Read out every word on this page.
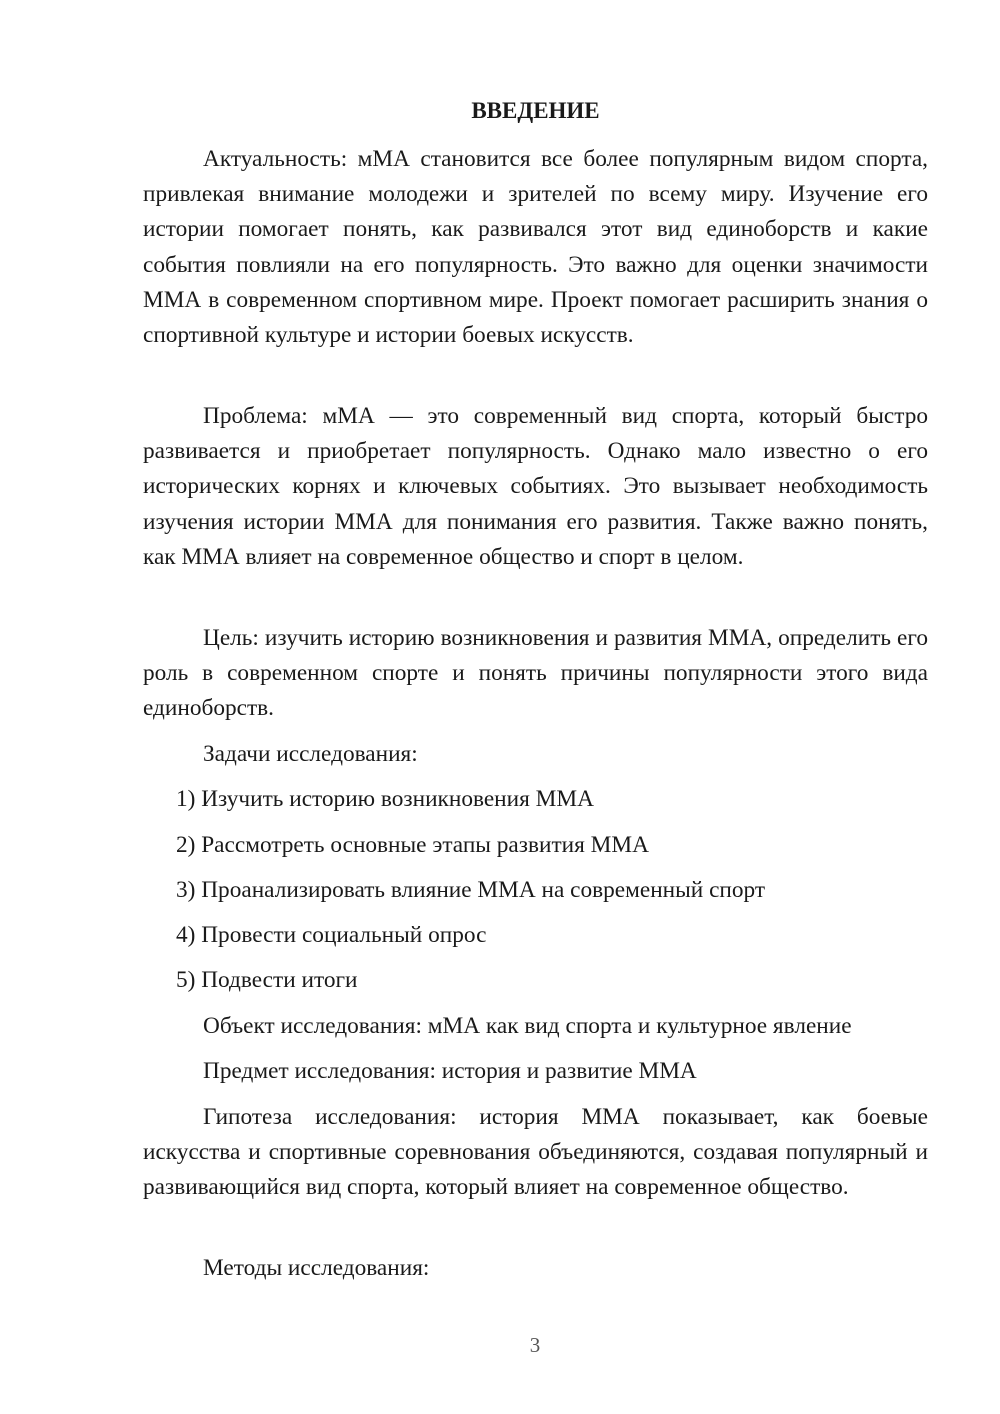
ВВЕДЕНИЕ

Актуальность: мМА становится все более популярным видом спорта, привлекая внимание молодежи и зрителей по всему миру. Изучение его истории помогает понять, как развивался этот вид единоборств и какие события повлияли на его популярность. Это важно для оценки значимости ММА в современном спортивном мире. Проект помогает расширить знания о спортивной культуре и истории боевых искусств.

Проблема: мМА — это современный вид спорта, который быстро развивается и приобретает популярность. Однако мало известно о его исторических корнях и ключевых событиях. Это вызывает необходимость изучения истории ММА для понимания его развития. Также важно понять, как ММА влияет на современное общество и спорт в целом.

Цель: изучить историю возникновения и развития ММА, определить его роль в современном спорте и понять причины популярности этого вида единоборств.

Задачи исследования:

1) Изучить историю возникновения ММА

2) Рассмотреть основные этапы развития ММА

3) Проанализировать влияние ММА на современный спорт

4) Провести социальный опрос

5) Подвести итоги

Объект исследования: мМА как вид спорта и культурное явление

Предмет исследования: история и развитие ММА

Гипотеза исследования: история ММА показывает, как боевые искусства и спортивные соревнования объединяются, создавая популярный и развивающийся вид спорта, который влияет на современное общество.

Методы исследования:

3
